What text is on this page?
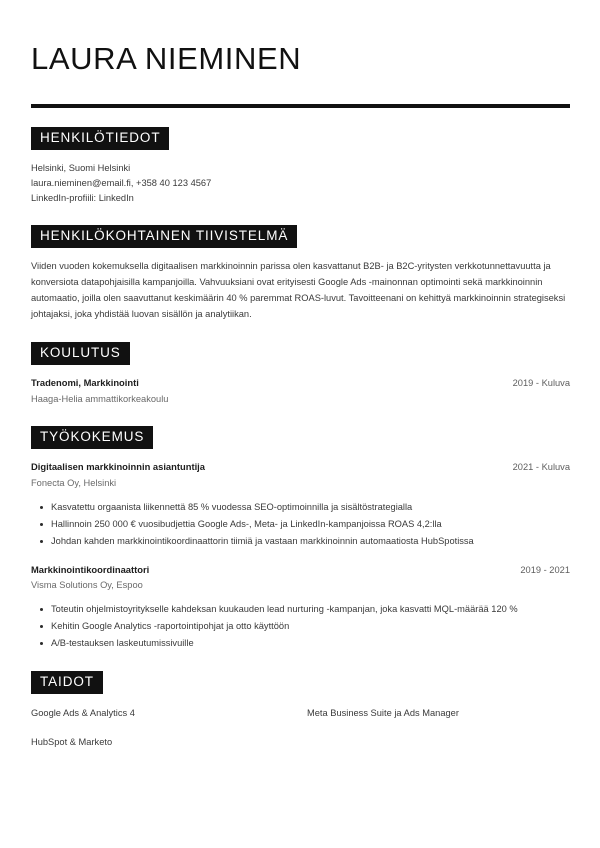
LAURA NIEMINEN
HENKILÖTIEDOT
Helsinki, Suomi Helsinki
laura.nieminen@email.fi, +358 40 123 4567
LinkedIn-profiili: LinkedIn
HENKILÖKOHTAINEN TIIVISTELMÄ
Viiden vuoden kokemuksella digitaalisen markkinoinnin parissa olen kasvattanut B2B- ja B2C-yritysten verkkotunnettavuutta ja konversiota datapohjaisilla kampanjoilla. Vahvuuksiani ovat erityisesti Google Ads -mainonnan optimointi sekä markkinoinnin automaatio, joilla olen saavuttanut keskimäärin 40 % paremmat ROAS-luvut. Tavoitteenani on kehittyä markkinoinnin strategiseksi johtajaksi, joka yhdistää luovan sisällön ja analytiikan.
KOULUTUS
Tradenomi, Markkinointi	2019 - Kuluva
Haaga-Helia ammattikorkeakoulu
TYÖKOKEMUS
Digitaalisen markkinoinnin asiantuntija	2021 - Kuluva
Fonecta Oy, Helsinki
Kasvatettu orgaanista liikennettä 85 % vuodessa SEO-optimoinnilla ja sisältöstrategialla
Hallinnoin 250 000 € vuosibudjettia Google Ads-, Meta- ja LinkedIn-kampanjoissa ROAS 4,2:lla
Johdan kahden markkinointikoordinaattorin tiimiä ja vastaan markkinoinnin automaatiosta HubSpotissa
Markkinointikoordinaattori	2019 - 2021
Visma Solutions Oy, Espoo
Toteutin ohjelmistoyritykselle kahdeksan kuukauden lead nurturing -kampanjan, joka kasvatti MQL-määrää 120 %
Kehitin Google Analytics -raportointipohjat ja otto käyttöön
A/B-testauksen laskeutumissivuille
TAIDOT
Google Ads & Analytics 4	Meta Business Suite ja Ads Manager
HubSpot & Marketo
